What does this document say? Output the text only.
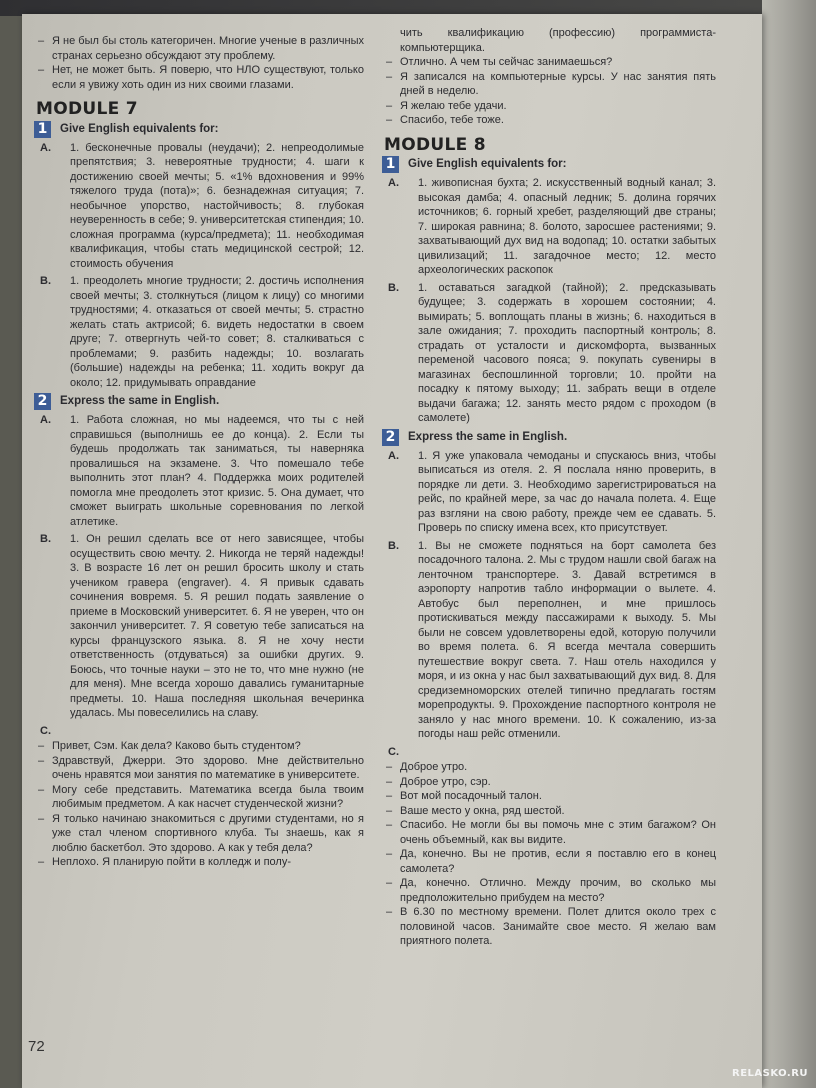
– Я не был бы столь категоричен. Многие ученые в различных странах серьезно обсуждают эту проблему.

– Нет, не может быть. Я поверю, что НЛО существуют, только если я увижу хоть один из них своими глазами.

MODULE 7
1	Give English equivalents for:
A.	1. бесконечные провалы (неудачи); 2. непреодолимые препятствия; 3. невероятные трудности; 4. шаги к достижению своей мечты; 5. «1% вдохновения и 99% тяжелого труда (пота)»; 6. безнадежная ситуация; 7. необычное упорство, настойчивость; 8. глубокая неуверенность в себе; 9. университетская стипендия; 10. сложная программа (курса/предмета); 11. необходимая квалификация, чтобы стать медицинской сестрой; 12. стоимость обучения
B.	1. преодолеть многие трудности; 2. достичь исполнения своей мечты; 3. столкнуться (лицом к лицу) со многими трудностями; 4. отказаться от своей мечты; 5. страстно желать стать актрисой; 6. видеть недостатки в своем друге; 7. отвергнуть чей-то совет; 8. сталкиваться с проблемами; 9. разбить надежды; 10. возлагать (большие) надежды на ребенка; 11. ходить вокруг да около; 12. придумывать оправдание
2	Express the same in English.
A.	1. Работа сложная, но мы надеемся, что ты с ней справишься (выполнишь ее до конца). 2. Если ты будешь продолжать так заниматься, ты наверняка провалишься на экзамене. 3. Что помешало тебе выполнить этот план? 4. Поддержка моих родителей помогла мне преодолеть этот кризис. 5. Она думает, что сможет выиграть школьные соревнования по легкой атлетике.
B.	1. Он решил сделать все от него зависящее, чтобы осуществить свою мечту. 2. Никогда не теряй надежды! 3. В возрасте 16 лет он решил бросить школу и стать учеником гравера (engraver). 4. Я привык сдавать сочинения вовремя. 5. Я решил подать заявление о приеме в Московский университет. 6. Я не уверен, что он закончил университет. 7. Я советую тебе записаться на курсы французского языка. 8. Я не хочу нести ответственность (отдуваться) за ошибки других. 9. Боюсь, что точные науки – это не то, что мне нужно (не для меня). Мне всегда хорошо давались гуманитарные предметы. 10. Наша последняя школьная вечеринка удалась. Мы повеселились на славу.
C.

– Привет, Сэм. Как дела? Каково быть студентом?

– Здравствуй, Джерри. Это здорово. Мне действительно очень нравятся мои занятия по математике в университете.

– Могу себе представить. Математика всегда была твоим любимым предметом. А как насчет студенческой жизни?

– Я только начинаю знакомиться с другими студентами, но я уже стал членом спортивного клуба. Ты знаешь, как я люблю баскетбол. Это здорово. А как у тебя дела?

– Неплохо. Я планирую пойти в колледж и полу-

чить квалификацию (профессию) программиста-компьютерщика.

– Отлично. А чем ты сейчас занимаешься?

– Я записался на компьютерные курсы. У нас занятия пять дней в неделю.

– Я желаю тебе удачи.

– Спасибо, тебе тоже.

MODULE 8
1	Give English equivalents for:
A.	1. живописная бухта; 2. искусственный водный канал; 3. высокая дамба; 4. опасный ледник; 5. долина горячих источников; 6. горный хребет, разделяющий две страны; 7. широкая равнина; 8. болото, заросшее растениями; 9. захватывающий дух вид на водопад; 10. остатки забытых цивилизаций; 11. загадочное место; 12. место археологических раскопок
B.	1. оставаться загадкой (тайной); 2. предсказывать будущее; 3. содержать в хорошем состоянии; 4. вымирать; 5. воплощать планы в жизнь; 6. находиться в зале ожидания; 7. проходить паспортный контроль; 8. страдать от усталости и дискомфорта, вызванных переменой часового пояса; 9. покупать сувениры в магазинах беспошлинной торговли; 10. пройти на посадку к пятому выходу; 11. забрать вещи в отделе выдачи багажа; 12. занять место рядом с проходом (в самолете)
2	Express the same in English.
A.	1. Я уже упаковала чемоданы и спускаюсь вниз, чтобы выписаться из отеля. 2. Я послала няню проверить, в порядке ли дети. 3. Необходимо зарегистрироваться на рейс, по крайней мере, за час до начала полета. 4. Еще раз взгляни на свою работу, прежде чем ее сдавать. 5. Проверь по списку имена всех, кто присутствует.
B.	1. Вы не сможете подняться на борт самолета без посадочного талона. 2. Мы с трудом нашли свой багаж на ленточном транспортере. 3. Давай встретимся в аэропорту напротив табло информации о вылете. 4. Автобус был переполнен, и мне пришлось протискиваться между пассажирами к выходу. 5. Мы были не совсем удовлетворены едой, которую получили во время полета. 6. Я всегда мечтала совершить путешествие вокруг света. 7. Наш отель находился у моря, и из окна у нас был захватывающий дух вид. 8. Для средиземноморских отелей типично предлагать гостям морепродукты. 9. Прохождение паспортного контроля не заняло у нас много времени. 10. К сожалению, из-за погоды наш рейс отменили.
C.

– Доброе утро.

– Доброе утро, сэр.

– Вот мой посадочный талон.

– Ваше место у окна, ряд шестой.

– Спасибо. Не могли бы вы помочь мне с этим багажом? Он очень объемный, как вы видите.

– Да, конечно. Вы не против, если я поставлю его в конец самолета?

– Да, конечно. Отлично. Между прочим, во сколько мы предположительно прибудем на место?

– В 6.30 по местному времени. Полет длится около трех с половиной часов. Занимайте свое место. Я желаю вам приятного полета.

72
RELASKO.RU
